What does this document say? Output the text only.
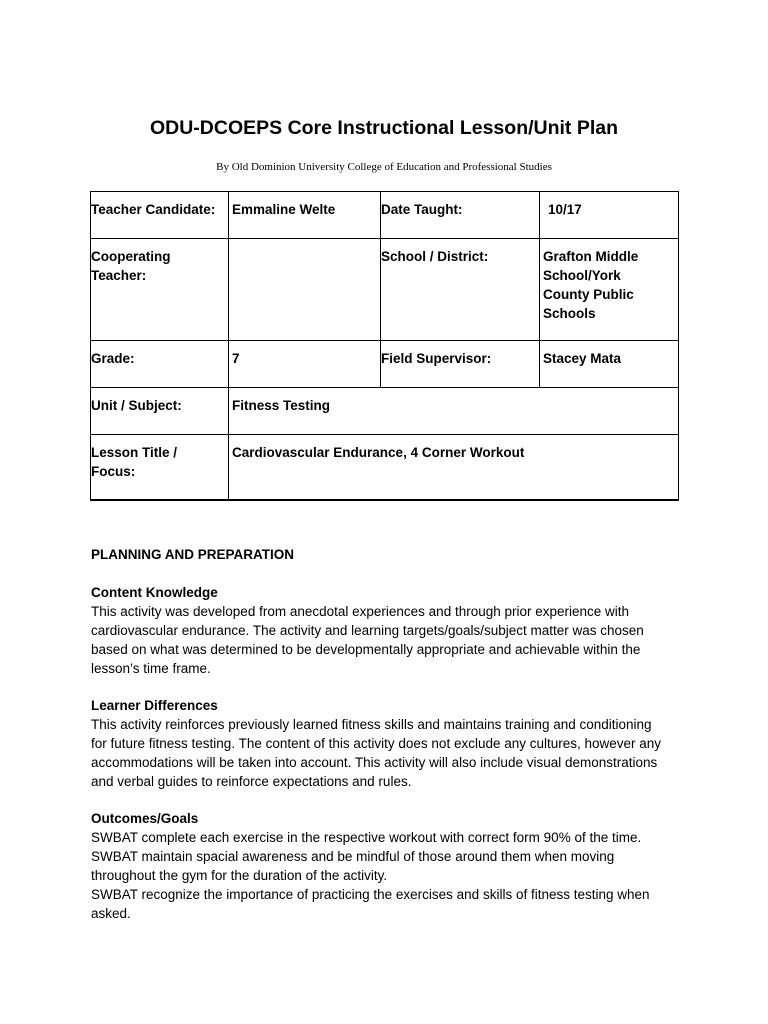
ODU-DCOEPS Core Instructional Lesson/Unit Plan
By Old Dominion University College of Education and Professional Studies
Teacher Candidate:	Emmaline Welte	Date Taught:	10/17
Cooperating
Teacher:		School / District:	Grafton Middle
School/York
County Public
Schools
Grade:	7	Field Supervisor:	Stacey Mata
Unit / Subject:	Fitness Testing		
Lesson Title /
Focus:	Cardiovascular Endurance, 4 Corner Workout		
PLANNING AND PREPARATION
Content Knowledge

This activity was developed from anecdotal experiences and through prior experience with

cardiovascular endurance. The activity and learning targets/goals/subject matter was chosen

based on what was determined to be developmentally appropriate and achievable within the

lesson’s time frame.

Learner Differences

This activity reinforces previously learned fitness skills and maintains training and conditioning

for future fitness testing. The content of this activity does not exclude any cultures, however any

accommodations will be taken into account. This activity will also include visual demonstrations

and verbal guides to reinforce expectations and rules.

Outcomes/Goals

SWBAT complete each exercise in the respective workout with correct form 90% of the time.

SWBAT maintain spacial awareness and be mindful of those around them when moving

throughout the gym for the duration of the activity.

SWBAT recognize the importance of practicing the exercises and skills of fitness testing when

asked.
